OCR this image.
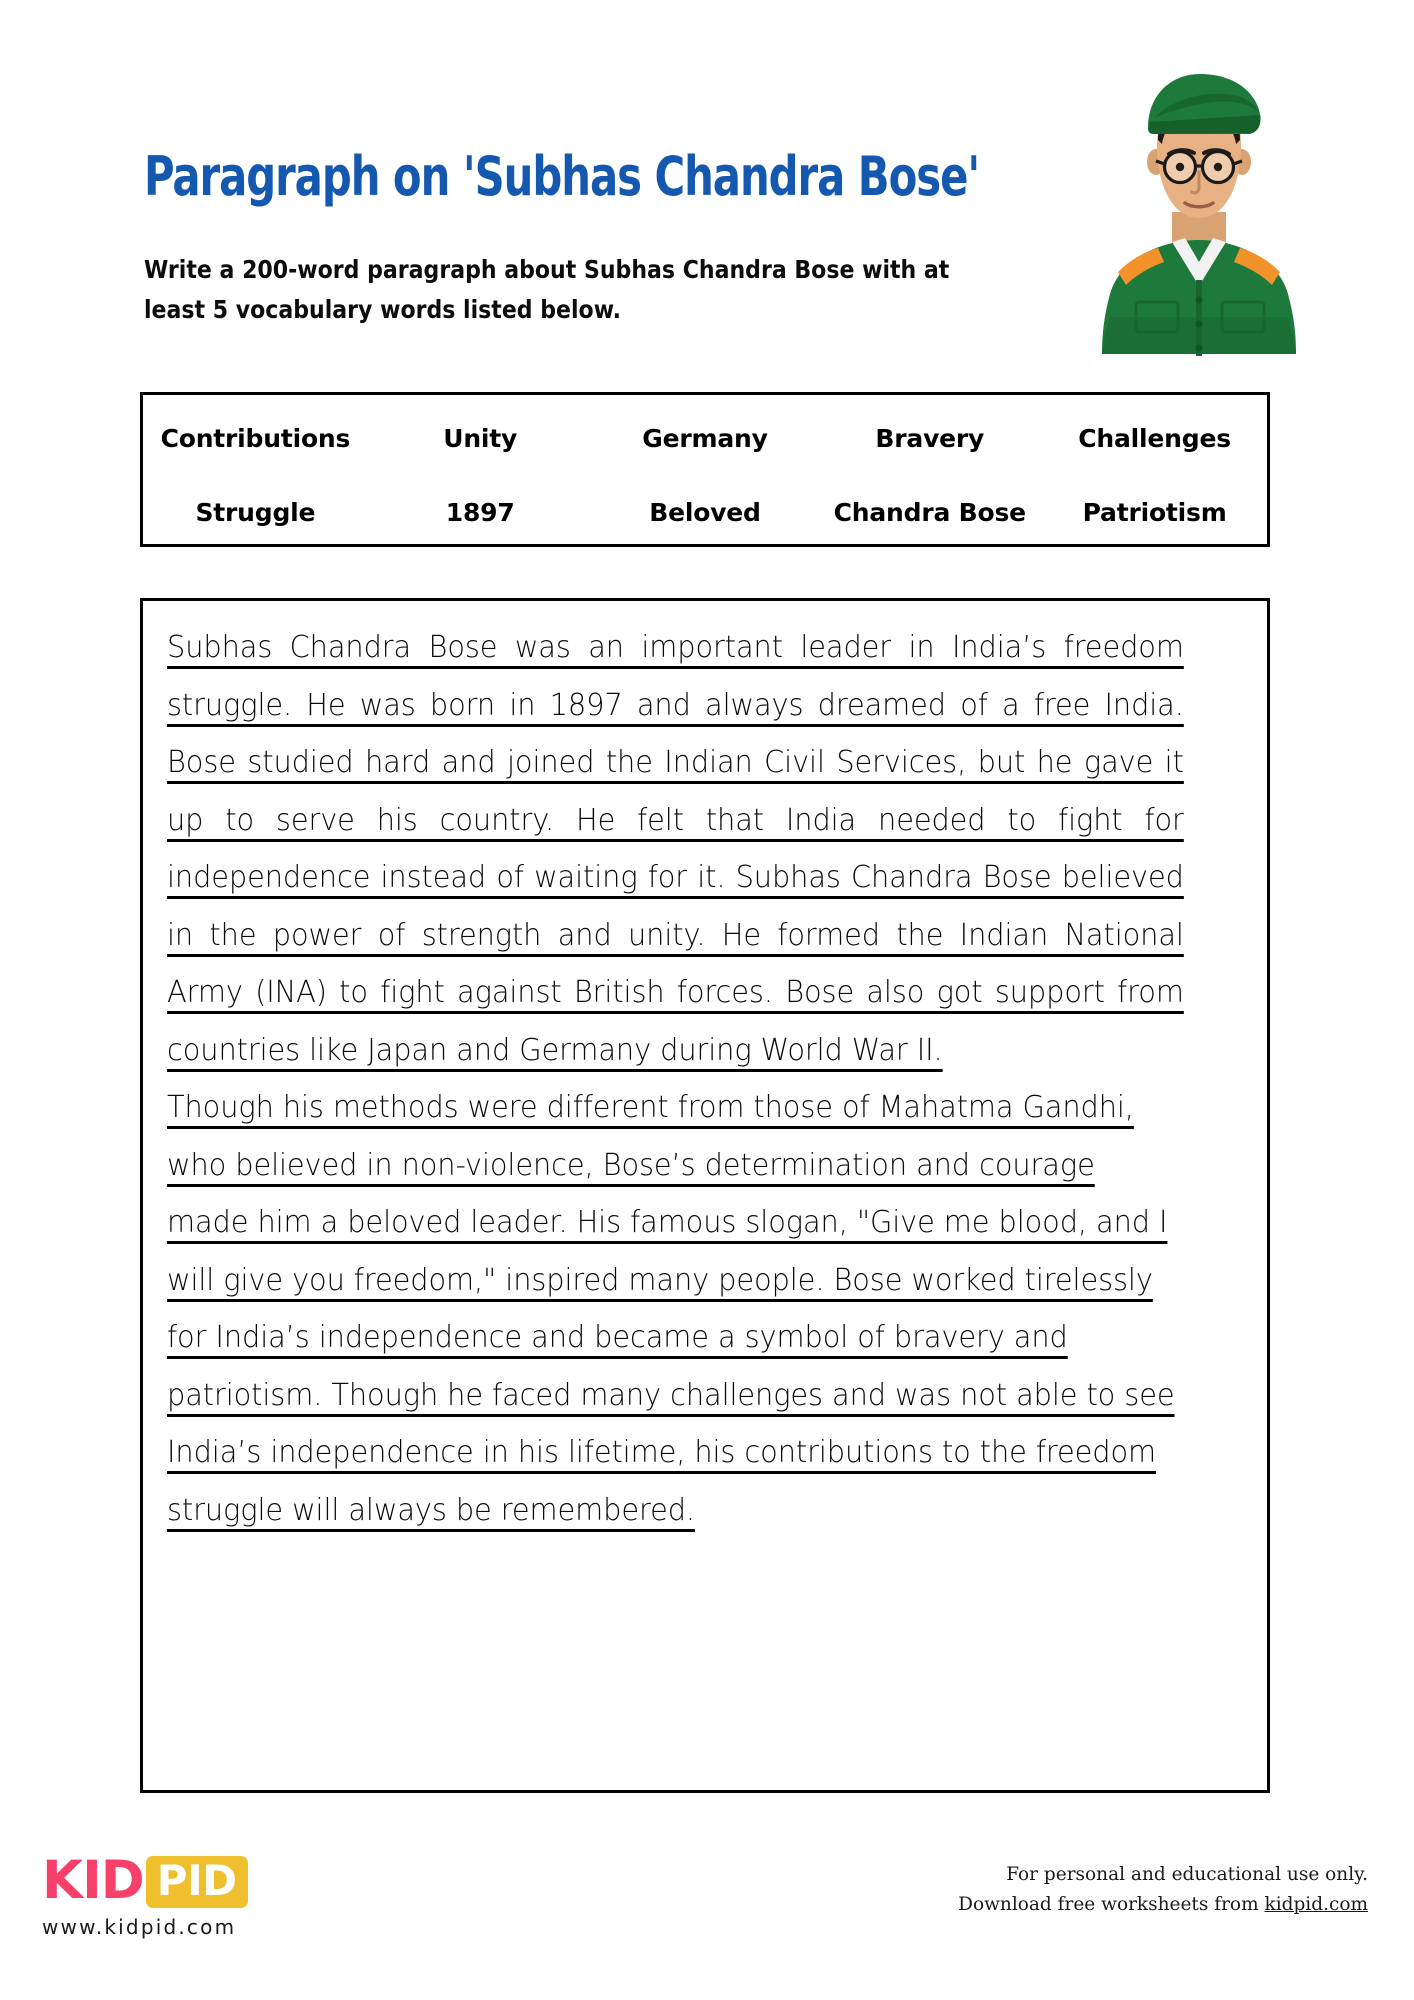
Paragraph on 'Subhas Chandra Bose'
Write a 200-word paragraph about Subhas Chandra Bose with at least 5 vocabulary words listed below.
Contributions	Unity	Germany	Bravery	Challenges
Struggle	1897	Beloved	Chandra Bose	Patriotism

Subhas Chandra Bose was an important leader in India’s freedom struggle. He was born in 1897 and always dreamed of a free India. Bose studied hard and joined the Indian Civil Services, but he gave it up to serve his country. He felt that India needed to fight for independence instead of waiting for it. Subhas Chandra Bose believed in the power of strength and unity. He formed the Indian National Army (INA) to fight against British forces. Bose also got support from countries like Japan and Germany during World War II.

Though his methods were different from those of Mahatma Gandhi, who believed in non-violence, Bose’s determination and courage made him a beloved leader. His famous slogan, "Give me blood, and I will give you freedom," inspired many people. Bose worked tirelessly for India’s independence and became a symbol of bravery and patriotism. Though he faced many challenges and was not able to see India’s independence in his lifetime, his contributions to the freedom struggle will always be remembered.

KID PID
www.kidpid.com
For personal and educational use only.
Download free worksheets from kidpid.com
